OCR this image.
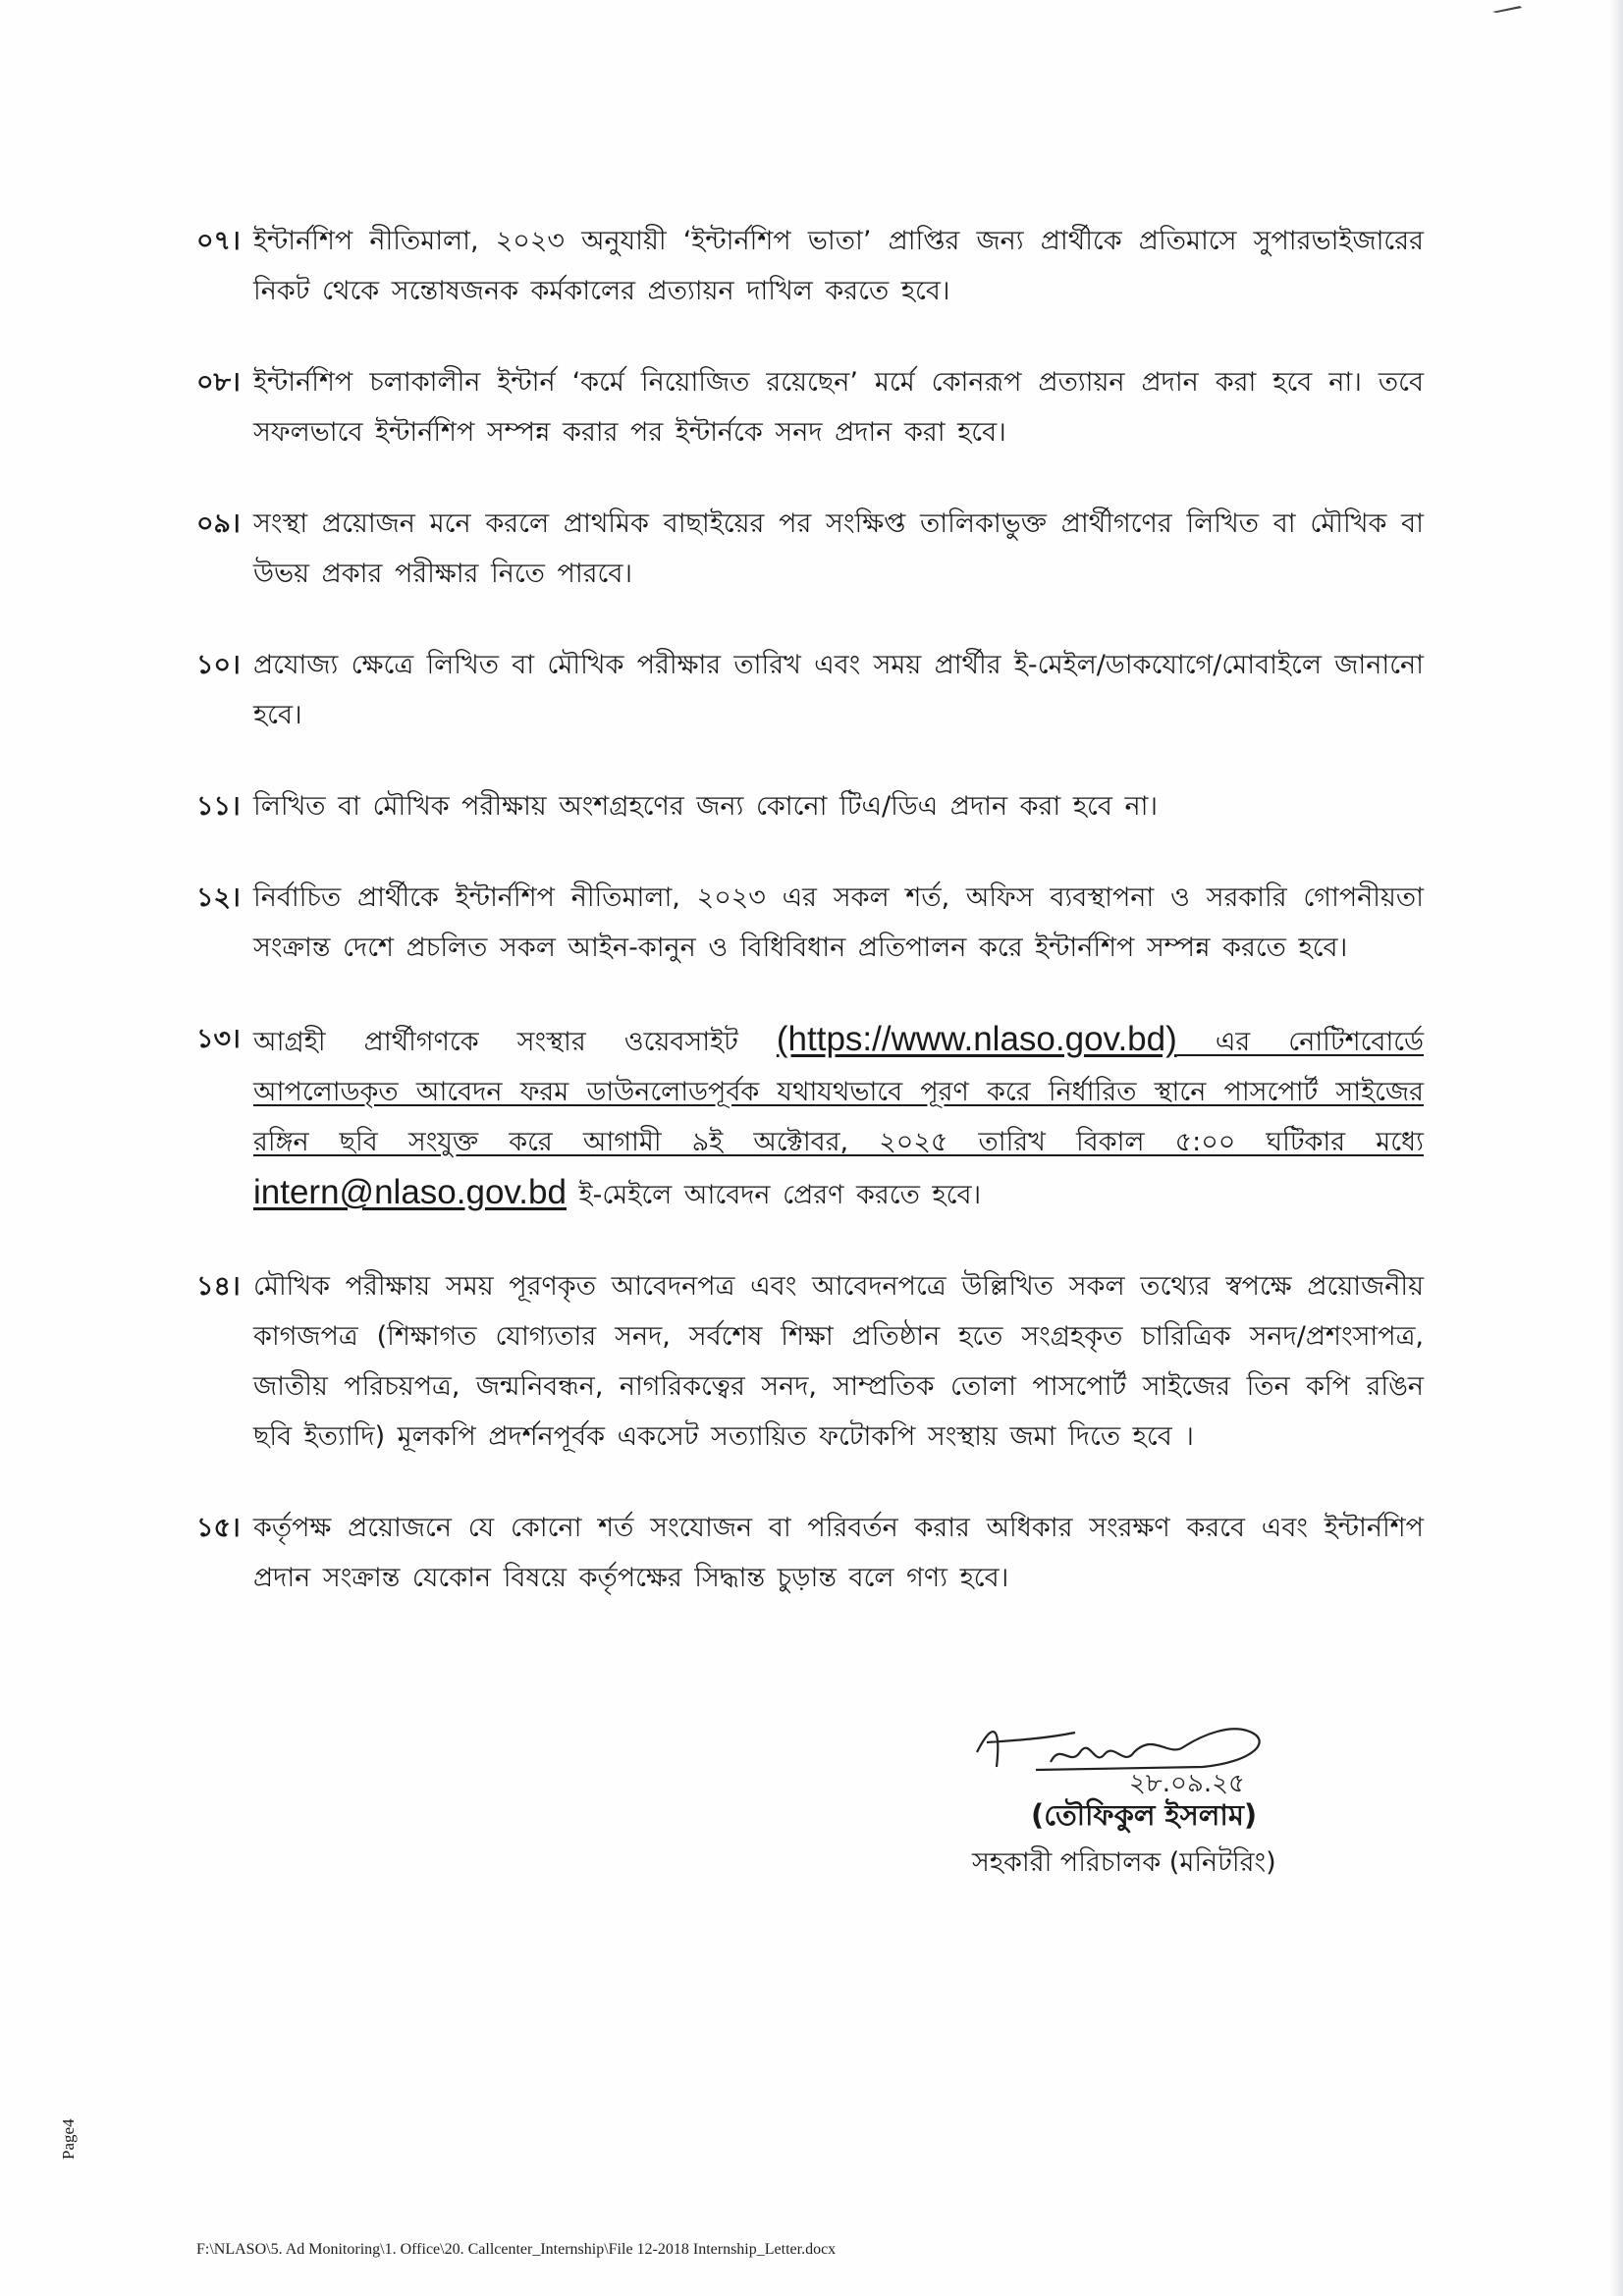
০৭। ইন্টার্নশিপ নীতিমালা, ২০২৩ অনুযায়ী ‘ইন্টার্নশিপ ভাতা’ প্রাপ্তির জন্য প্রার্থীকে প্রতিমাসে সুপারভাইজারের নিকট থেকে সন্তোষজনক কর্মকালের প্রত্যায়ন দাখিল করতে হবে।
০৮। ইন্টার্নশিপ চলাকালীন ইন্টার্ন ‘কর্মে নিয়োজিত রয়েছেন’ মর্মে কোনরূপ প্রত্যায়ন প্রদান করা হবে না। তবে সফলভাবে ইন্টার্নশিপ সম্পন্ন করার পর ইন্টার্নকে সনদ প্রদান করা হবে।
০৯। সংস্থা প্রয়োজন মনে করলে প্রাথমিক বাছাইয়ের পর সংক্ষিপ্ত তালিকাভুক্ত প্রার্থীগণের লিখিত বা মৌখিক বা উভয় প্রকার পরীক্ষার নিতে পারবে।
১০। প্রযোজ্য ক্ষেত্রে লিখিত বা মৌখিক পরীক্ষার তারিখ এবং সময় প্রার্থীর ই-মেইল/ডাকযোগে/মোবাইলে জানানো হবে।
১১। লিখিত বা মৌখিক পরীক্ষায় অংশগ্রহণের জন্য কোনো টিএ/ডিএ প্রদান করা হবে না।
১২। নির্বাচিত প্রার্থীকে ইন্টার্নশিপ নীতিমালা, ২০২৩ এর সকল শর্ত, অফিস ব্যবস্থাপনা ও সরকারি গোপনীয়তা সংক্রান্ত দেশে প্রচলিত সকল আইন-কানুন ও বিধিবিধান প্রতিপালন করে ইন্টার্নশিপ সম্পন্ন করতে হবে।
১৩। আগ্রহী প্রার্থীগণকে সংস্থার ওয়েবসাইট (https://www.nlaso.gov.bd) এর নোটিশবোর্ডে আপলোডকৃত আবেদন ফরম ডাউনলোডপূর্বক যথাযথভাবে পূরণ করে নির্ধারিত স্থানে পাসপোর্ট সাইজের রঙ্গিন ছবি সংযুক্ত করে আগামী ৯ই অক্টোবর, ২০২৫ তারিখ বিকাল ৫:০০ ঘটিকার মধ্যে intern@nlaso.gov.bd ই-মেইলে আবেদন প্রেরণ করতে হবে।
১৪। মৌখিক পরীক্ষায় সময় পূরণকৃত আবেদনপত্র এবং আবেদনপত্রে উল্লিখিত সকল তথ্যের স্বপক্ষে প্রয়োজনীয় কাগজপত্র (শিক্ষাগত যোগ্যতার সনদ, সর্বশেষ শিক্ষা প্রতিষ্ঠান হতে সংগ্রহকৃত চারিত্রিক সনদ/প্রশংসাপত্র, জাতীয় পরিচয়পত্র, জন্মনিবন্ধন, নাগরিকত্বের সনদ, সাম্প্রতিক তোলা পাসপোর্ট সাইজের তিন কপি রঙিন ছবি ইত্যাদি) মূলকপি প্রদর্শনপূর্বক একসেট সত্যায়িত ফটোকপি সংস্থায় জমা দিতে হবে ।
১৫। কর্তৃপক্ষ প্রয়োজনে যে কোনো শর্ত সংযোজন বা পরিবর্তন করার অধিকার সংরক্ষণ করবে এবং ইন্টার্নশিপ প্রদান সংক্রান্ত যেকোন বিষয়ে কর্তৃপক্ষের সিদ্ধান্ত চুড়ান্ত বলে গণ্য হবে।
২৮.০৯.২৫
(তৌফিকুল ইসলাম)
সহকারী পরিচালক (মনিটরিং)
Page4
F:\NLASO\5. Ad Monitoring\1. Office\20. Callcenter_Internship\File 12-2018 Internship_Letter.docx
